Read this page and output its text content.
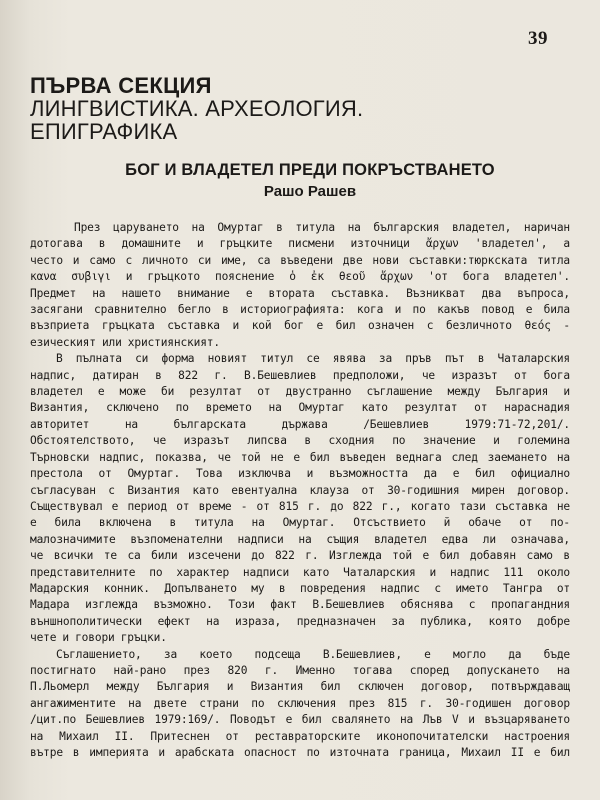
39
ПЪРВА СЕКЦИЯ
ЛИНГВИСТИКА. АРХЕОЛОГИЯ.
ЕПИГРАФИКА
БОГ И ВЛАДЕТЕЛ ПРЕДИ ПОКРЪСТВАНЕТО
Рашо Рашев
През царуването на Омуртаг в титула на българския владетел, наричан
дотогава в домашните и гръцките писмени източници ἄρχων 'владетел', а
често и само с личното си име, са въведени две нови съставки:тюркската титла
κανα συβιγι и гръцкото пояснение ὁ ἐκ θεοῦ ἄρχων 'от бога владетел'.
Предмет на нашето внимание е втората съставка. Възникват два въпроса,
засягани сравнително бегло в историографията: кога и по какъв повод е била
възприета гръцката съставка и кой бог е бил означен с безличното θεός -
езическият или християнският.
В пълната си форма новият титул се явява за пръв път в Чаталарския
надпис, датиран в 822 г. В.Бешевлиев предположи, че изразът от бога
владетел е може би резултат от двустранно съглашение между България и
Византия, сключено по времето на Омуртаг като резултат от нараснадия
авторитет на българската държава /Бешевлиев 1979:71-72,201/.
Обстоятелството, че изразът липсва в сходния по значение и големина
Търновски надпис, показва, че той не е бил въведен веднага след заемането на
престола от Омуртаг. Това изключва и възможността да е бил официално
съгласуван с Византия като евентуална клауза от 30-годишния мирен договор.
Съществувал е период от време - от 815 г. до 822 г., когато тази съставка не
е била включена в титула на Омуртаг. Отсъствието й обаче от по-
малозначимите възпоменателни надписи на същия владетел едва ли означава,
че всички те са били изсечени до 822 г. Изглежда той е бил добавян само в
представителните по характер надписи като Чаталарския и надпис 111 около
Мадарския конник. Допълването му в повредения надпис с името Тангра от
Мадара изглежда възможно. Този факт В.Бешевлиев обяснява с пропагандния
външнополитически ефект на израза, предназначен за публика, която добре
чете и говори гръцки.
Съглашението, за което подсеща В.Бешевлиев, е могло да бъде
постигнато най-рано през 820 г. Именно тогава според допускането на
П.Льомерл между България и Византия бил сключен договор, потвърждаващ
ангажиментите на двете страни по сключения през 815 г. 30-годишен договор
/цит.по Бешевлиев 1979:169/. Поводът е бил свалянето на Лъв V и възцаряването
на Михаил II. Притеснен от реставраторските иконопочитателски настроения
вътре в империята и арабската опасност по източната граница, Михаил II е бил
